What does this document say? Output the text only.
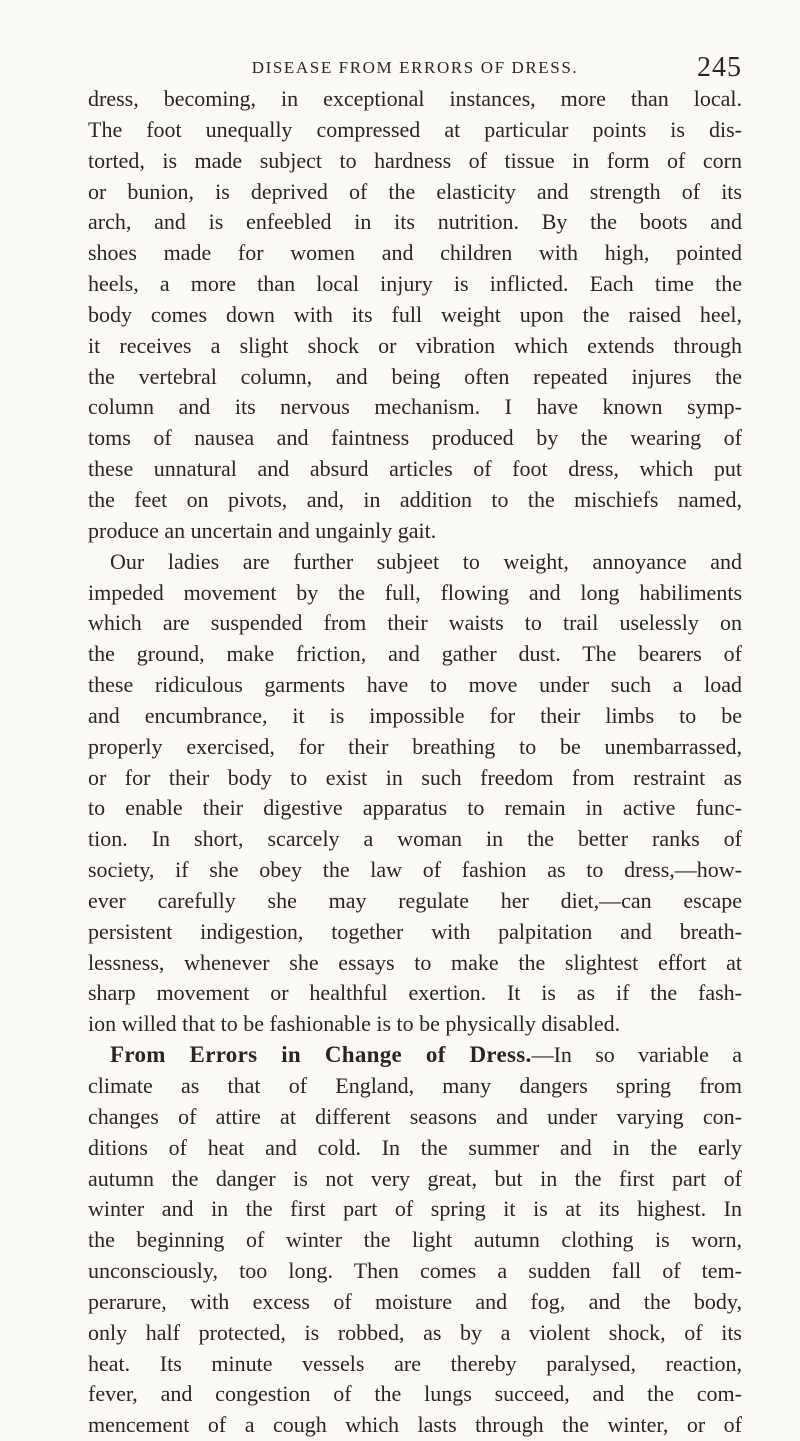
DISEASE FROM ERRORS OF DRESS.	245
dress, becoming, in exceptional instances, more than local.
The foot unequally compressed at particular points is dis-
torted, is made subject to hardness of tissue in form of corn
or bunion, is deprived of the elasticity and strength of its
arch, and is enfeebled in its nutrition. By the boots and
shoes made for women and children with high, pointed
heels, a more than local injury is inflicted. Each time the
body comes down with its full weight upon the raised heel,
it receives a slight shock or vibration which extends through
the vertebral column, and being often repeated injures the
column and its nervous mechanism. I have known symp-
toms of nausea and faintness produced by the wearing of
these unnatural and absurd articles of foot dress, which put
the feet on pivots, and, in addition to the mischiefs named,
produce an uncertain and ungainly gait.
Our ladies are further subjeet to weight, annoyance and
impeded movement by the full, flowing and long habiliments
which are suspended from their waists to trail uselessly on
the ground, make friction, and gather dust. The bearers of
these ridiculous garments have to move under such a load
and encumbrance, it is impossible for their limbs to be
properly exercised, for their breathing to be unembarrassed,
or for their body to exist in such freedom from restraint as
to enable their digestive apparatus to remain in active func-
tion. In short, scarcely a woman in the better ranks of
society, if she obey the law of fashion as to dress,—how-
ever carefully she may regulate her diet,—can escape
persistent indigestion, together with palpitation and breath-
lessness, whenever she essays to make the slightest effort at
sharp movement or healthful exertion. It is as if the fash-
ion willed that to be fashionable is to be physically disabled.
From Errors in Change of Dress.—In so variable a
climate as that of England, many dangers spring from
changes of attire at different seasons and under varying con-
ditions of heat and cold. In the summer and in the early
autumn the danger is not very great, but in the first part of
winter and in the first part of spring it is at its highest. In
the beginning of winter the light autumn clothing is worn,
unconsciously, too long. Then comes a sudden fall of tem-
perarure, with excess of moisture and fog, and the body,
only half protected, is robbed, as by a violent shock, of its
heat. Its minute vessels are thereby paralysed, reaction,
fever, and congestion of the lungs succeed, and the com-
mencement of a cough which lasts through the winter, or of
